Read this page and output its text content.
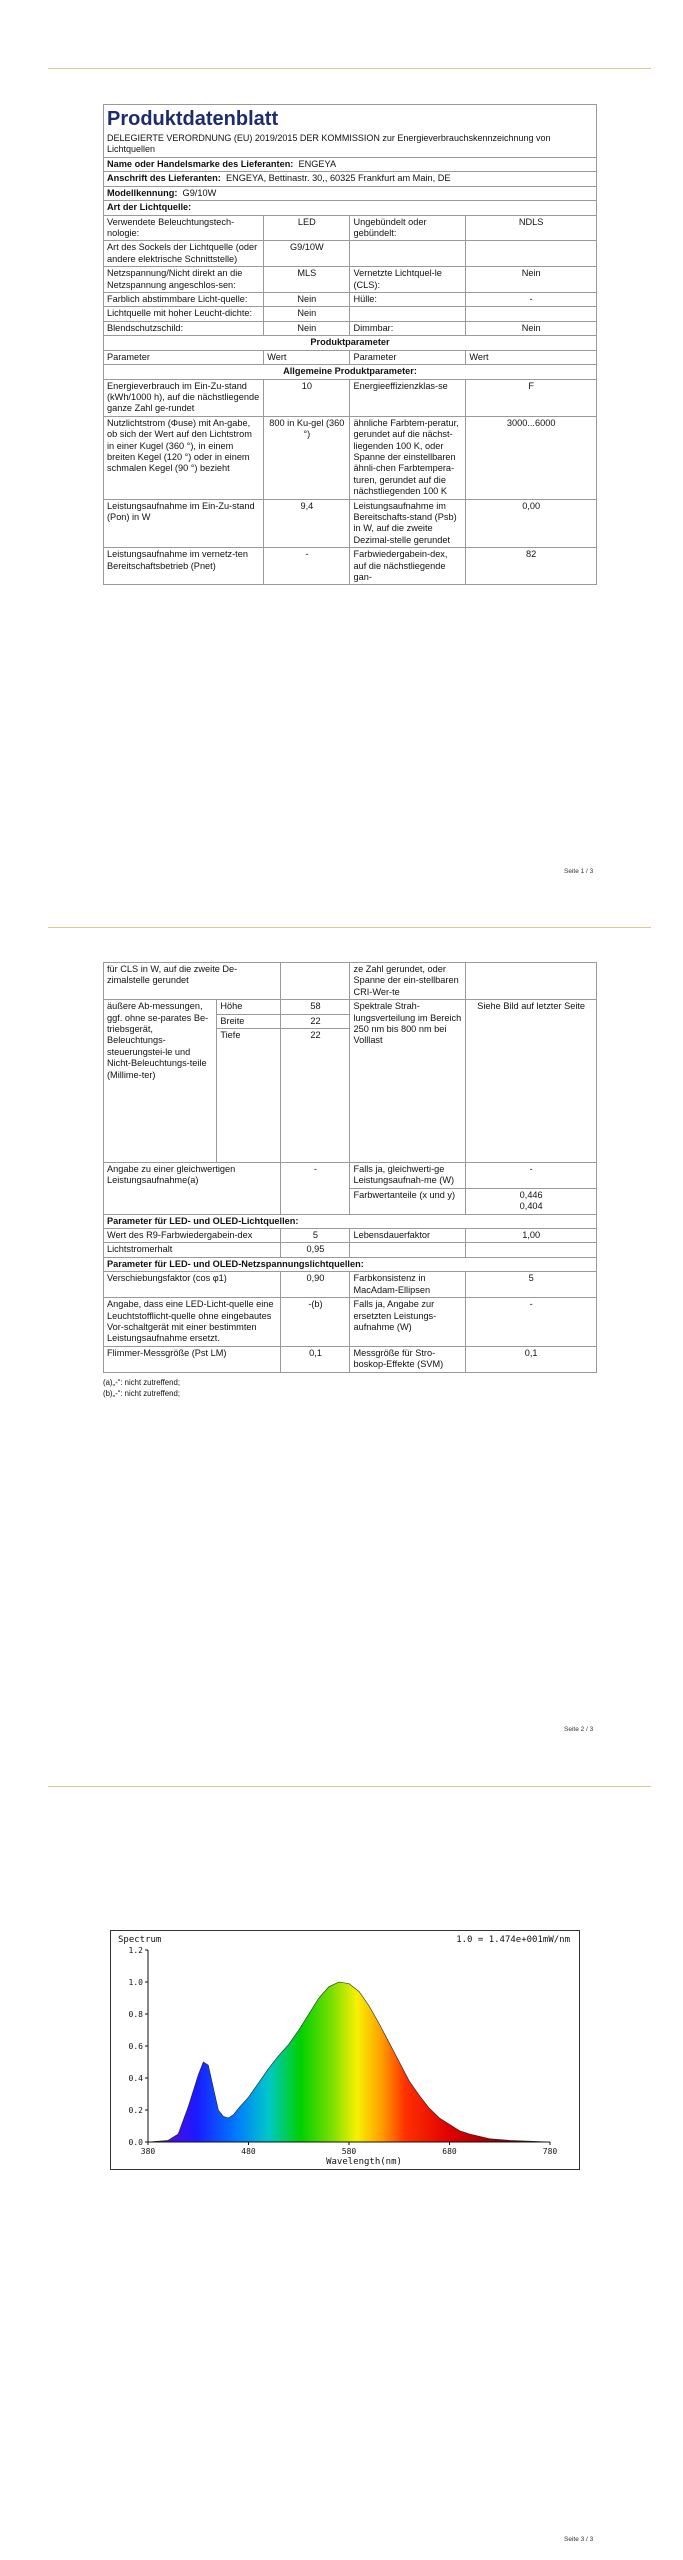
Produktdatenblatt
DELEGIERTE VERORDNUNG (EU) 2019/2015 DER KOMMISSION zur Energieverbrauchskennzeichnung von Lichtquellen
Name oder Handelsmarke des Lieferanten: ENGEYA			
Anschrift des Lieferanten: ENGEYA, Bettinastr. 30,, 60325 Frankfurt am Main, DE			
Modellkennung: G9/10W			
Art der Lichtquelle:			
Verwendete Beleuchtungstech-nologie:	LED	Ungebündelt oder gebündelt:	NDLS
Art des Sockels der Lichtquelle (oder andere elektrische Schnittstelle)	G9/10W		
Netzspannung/Nicht direkt an die Netzspannung angeschlos-sen:	MLS	Vernetzte Lichtquel-le (CLS):	Nein
Farblich abstimmbare Licht-quelle:	Nein	Hülle:	-
Lichtquelle mit hoher Leucht-dichte:	Nein		
Blendschutzschild:	Nein	Dimmbar:	Nein
Produktparameter			
Parameter	Wert	Parameter	Wert
Allgemeine Produktparameter:			
Energieverbrauch im Ein-Zu-stand (kWh/1000 h), auf die nächstliegende ganze Zahl ge-rundet	10	Energieeffizienzklas-se	F
Nutzlichtstrom (Φuse) mit An-gabe, ob sich der Wert auf den Lichtstrom in einer Kugel (360 °), in einem breiten Kegel (120 °) oder in einem schmalen Kegel (90 °) bezieht	800 in Ku-gel (360 °)	ähnliche Farbtem-peratur, gerundet auf die nächst-liegenden 100 K, oder Spanne der einstellbaren ähnli-chen Farbtempera-turen, gerundet auf die nächstliegenden 100 K	3000...6000
Leistungsaufnahme im Ein-Zu-stand (Pon) in W	9,4	Leistungsaufnahme im Bereitschafts-stand (Psb) in W, auf die zweite Dezimal-stelle gerundet	0,00
Leistungsaufnahme im vernetz-ten Bereitschaftsbetrieb (Pnet)	-	Farbwiedergabein-dex, auf die nächstliegende gan-	82
Seite 1 / 3
für CLS in W, auf die zweite De-zimalstelle gerundet			ze Zahl gerundet, oder Spanne der ein-stellbaren CRI-Wer-te	
äußere Ab-messungen, ggf. ohne se-parates Be-triebsgerät, Beleuchtungs-steuerungstei-le und Nicht-Beleuchtungs-teile (Millime-ter)	Höhe	58	Spektrale Strah-lungsverteilung im Bereich 250 nm bis 800 nm bei Volllast	Siehe Bild auf letzter Seite
	Breite	22		
	Tiefe	22		
Angabe zu einer gleichwertigen Leistungsaufnahme(a)		-	Falls ja, gleichwerti-ge Leistungsaufnah-me (W)	-
			Farbwertanteile (x und y)	0,446
0,404
Parameter für LED- und OLED-Lichtquellen:				
Wert des R9-Farbwiedergabein-dex		5	Lebensdauerfaktor	1,00
Lichtstromerhalt		0,95		
Parameter für LED- und OLED-Netzspannungslichtquellen:				
Verschiebungsfaktor (cos φ1)		0,90	Farbkonsistenz in MacAdam-Ellipsen	5
Angabe, dass eine LED-Licht-quelle eine Leuchtstofflicht-quelle ohne eingebautes Vor-schaltgerät mit einer bestimmten Leistungsaufnahme ersetzt.		-(b)	Falls ja, Angabe zur ersetzten Leistungs-aufnahme (W)	-
Flimmer-Messgröße (Pst LM)		0,1	Messgröße für Stro-boskop-Effekte (SVM)	0,1
(a)„-“: nicht zutreffend;
(b)„-“: nicht zutreffend;
Seite 2 / 3
Spectrum	1.0 = 1.474e+001mW/nm
Wavelength(nm)
0.0
0.2
0.4
0.6
0.8
1.0
1.2
380	480	580	680	780
Seite 3 / 3
